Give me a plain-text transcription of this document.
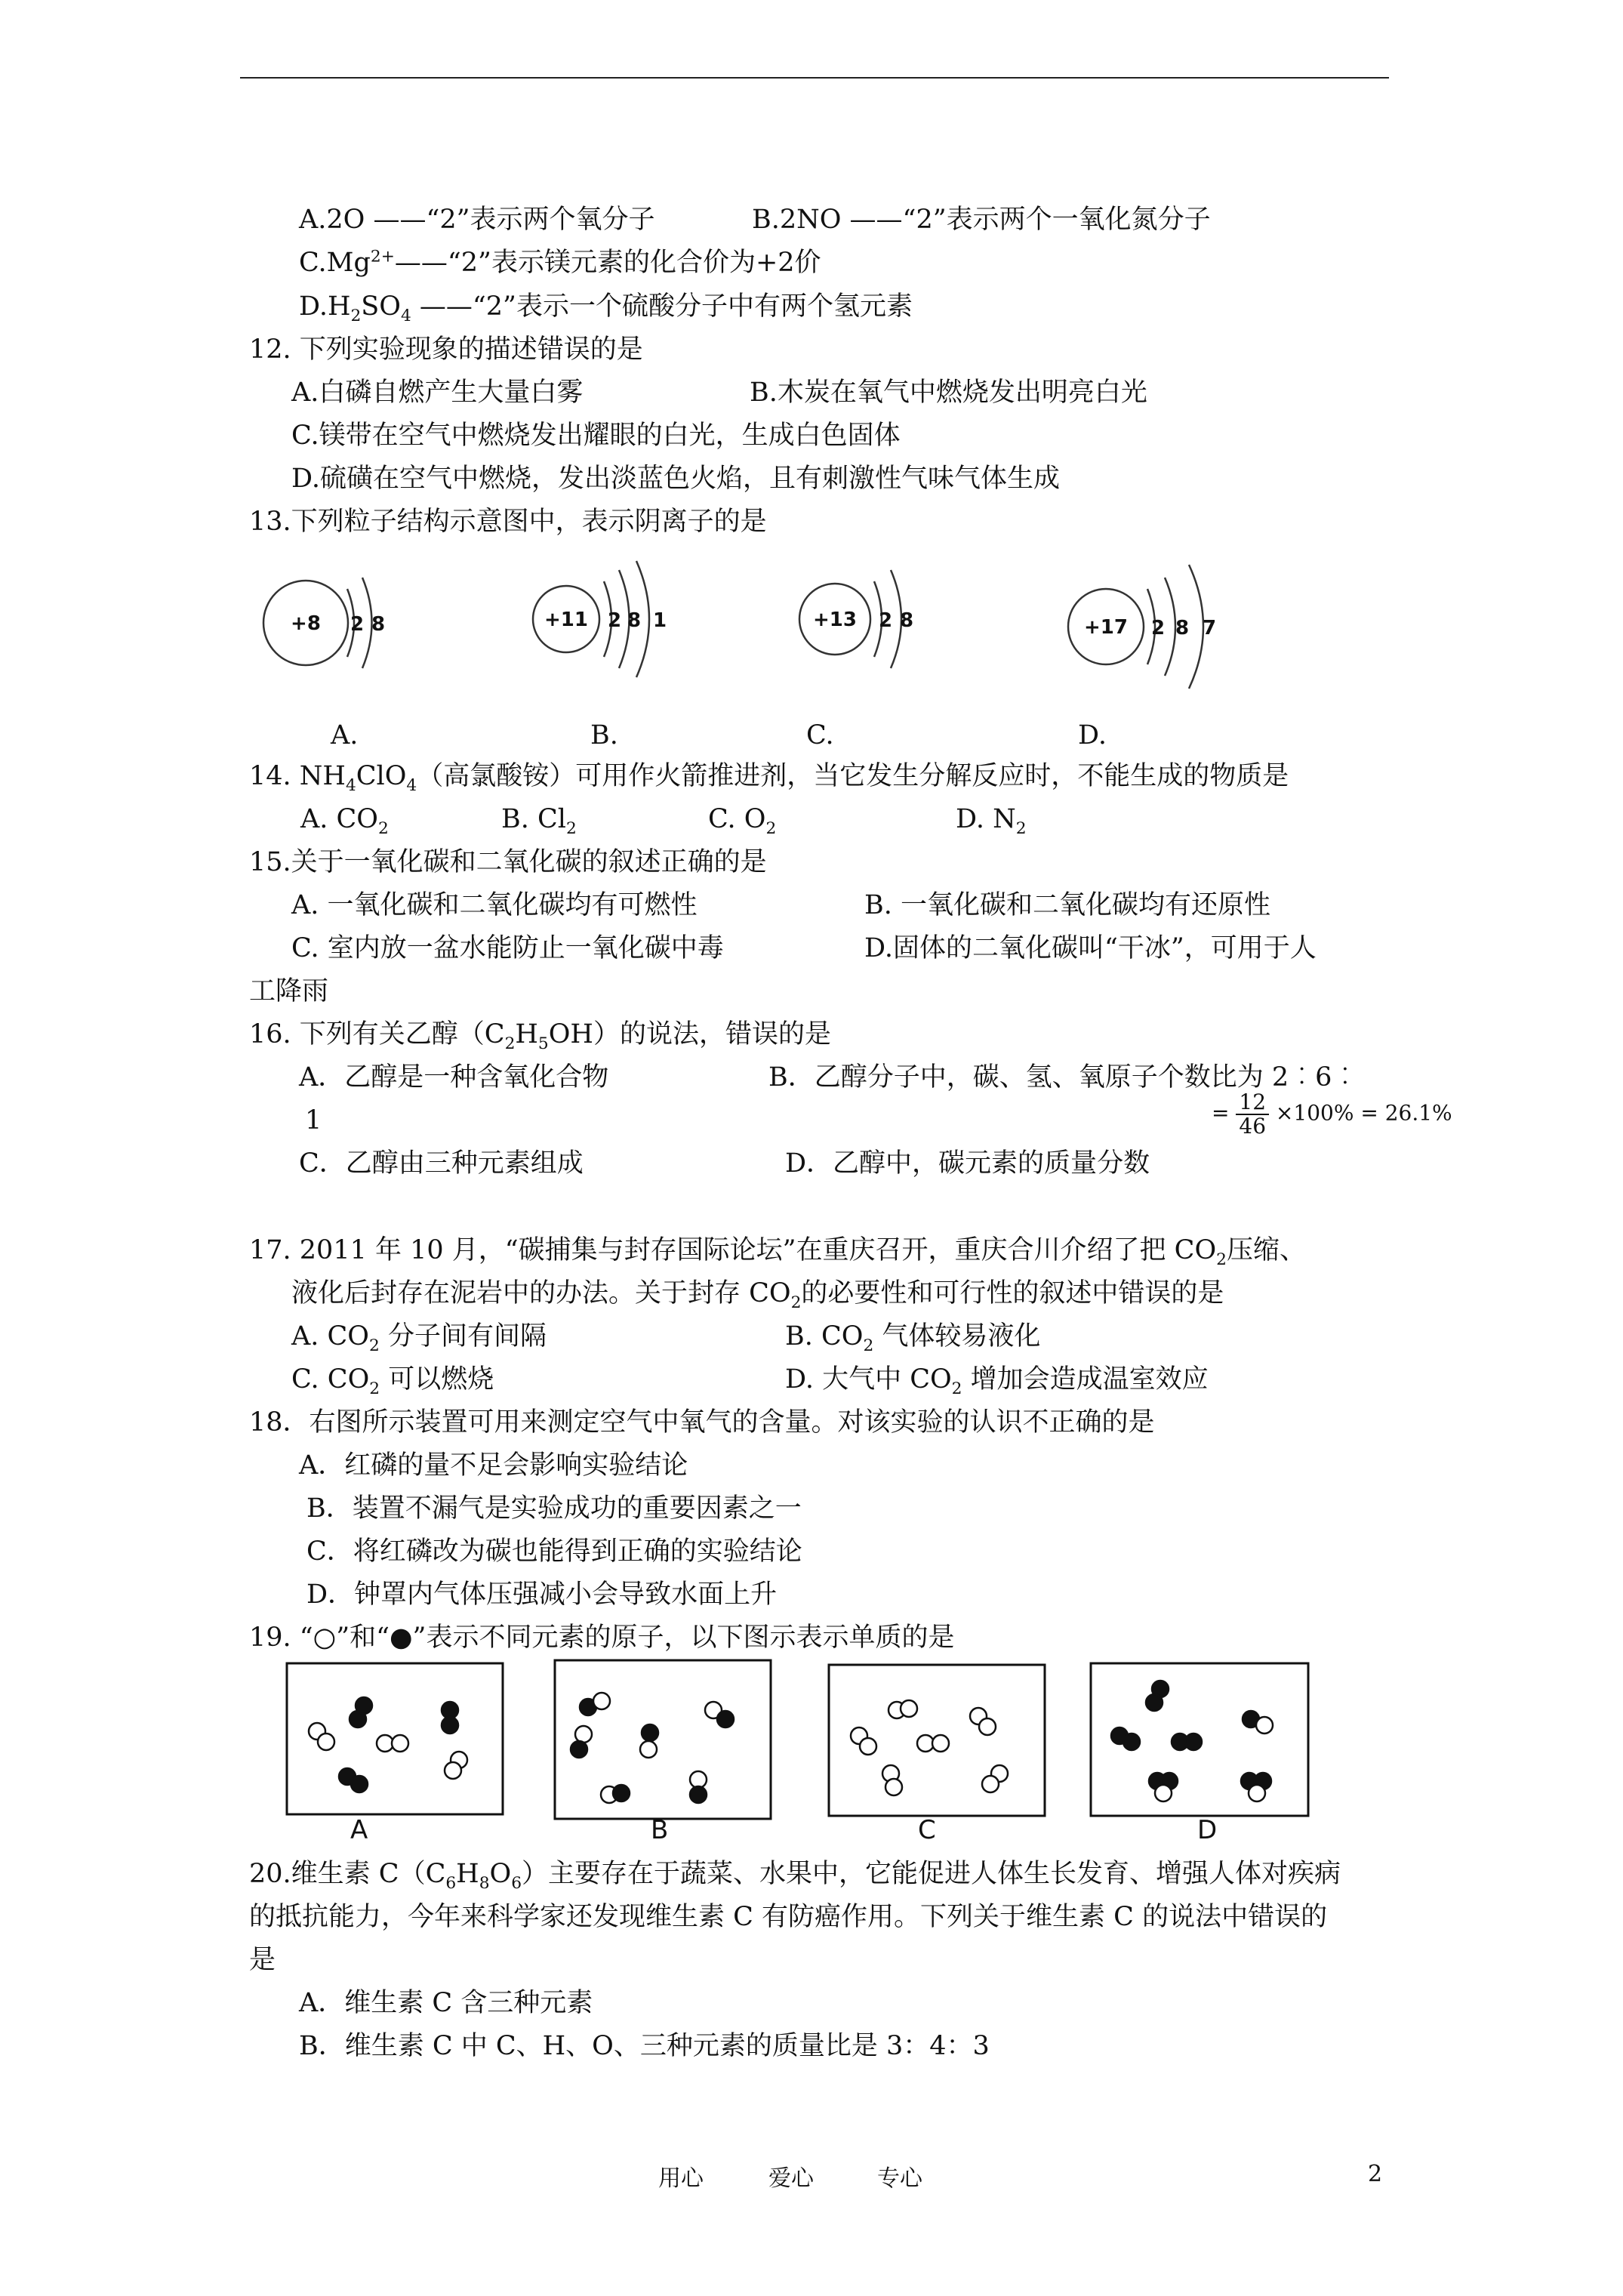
A.2O ——“2”表示两个氧分子	B.2NO ——“2”表示两个一氧化氮分子
$C.Mg^{2+}——“2$”表示镁元素的化合价为+2价
$D.H_2SO_4$ ——“2”表示一个硫酸分子中有两个氢元素
12. 下列实验现象的描述错误的是
A.白磷自燃产生大量白雾	B.木炭在氧气中燃烧发出明亮白光
C.镁带在空气中燃烧发出耀眼的白光，生成白色固体
D.硫磺在空气中燃烧，发出淡蓝色火焰，且有刺激性气味气体生成
13.下列粒子结构示意图中，表示阴离子的是
+8 2 8	+11 2 8 1	+13 2 8	+17 2 8 7
A.	B.	C.	D.
14. $NH_4ClO_4$（高氯酸铵）可用作火箭推进剂，当它发生分解反应时，不能生成的物质是
A. $CO_2$	B. $Cl_2$	C. $O_2$	D. $N_2$
15.关于一氧化碳和二氧化碳的叙述正确的是
A. 一氧化碳和二氧化碳均有可燃性	B. 一氧化碳和二氧化碳均有还原性
C. 室内放一盆水能防止一氧化碳中毒	D.固体的二氧化碳叫“干冰”，可用于人
工降雨
16. 下列有关乙醇$(C_2H_5OH)$的说法，错误的是
A．乙醇是一种含氧化合物	B．乙醇分子中，碳、氢、氧原子个数比为 2︰6︰
1	= $\frac{12}{46} \times 100\% = 26.1\%$
C．乙醇由三种元素组成	D．乙醇中，碳元素的质量分数
17. 2011 年 10 月，“碳捕集与封存国际论坛”在重庆召开，重庆合川介绍了把 $CO_2$压缩、
液化后封存在泥岩中的办法。关于封存 $CO_2$的必要性和可行性的叙述中错误的是
A. $CO_2$ 分子间有间隔	B. $CO_2$ 气体较易液化
C. $CO_2$ 可以燃烧	D. 大气中 $CO_2$ 增加会造成温室效应
18．右图所示装置可用来测定空气中氧气的含量。对该实验的认识不正确的是
A．红磷的量不足会影响实验结论
B．装置不漏气是实验成功的重要因素之一
C．将红磷改为碳也能得到正确的实验结论
D．钟罩内气体压强减小会导致水面上升
19. “○”和“●”表示不同元素的原子，以下图示表示单质的是
A	B	C	D
20.维生素 $C(C_6H_8O_6)$主要存在于蔬菜、水果中，它能促进人体生长发育、增强人体对疾病
的抵抗能力，今年来科学家还发现维生素 C 有防癌作用。下列关于维生素 C 的说法中错误的
是
A．维生素 C 含三种元素
B．维生素 C 中 C、H、O、三种元素的质量比是 3：4：3
用心	爱心	专心	2
